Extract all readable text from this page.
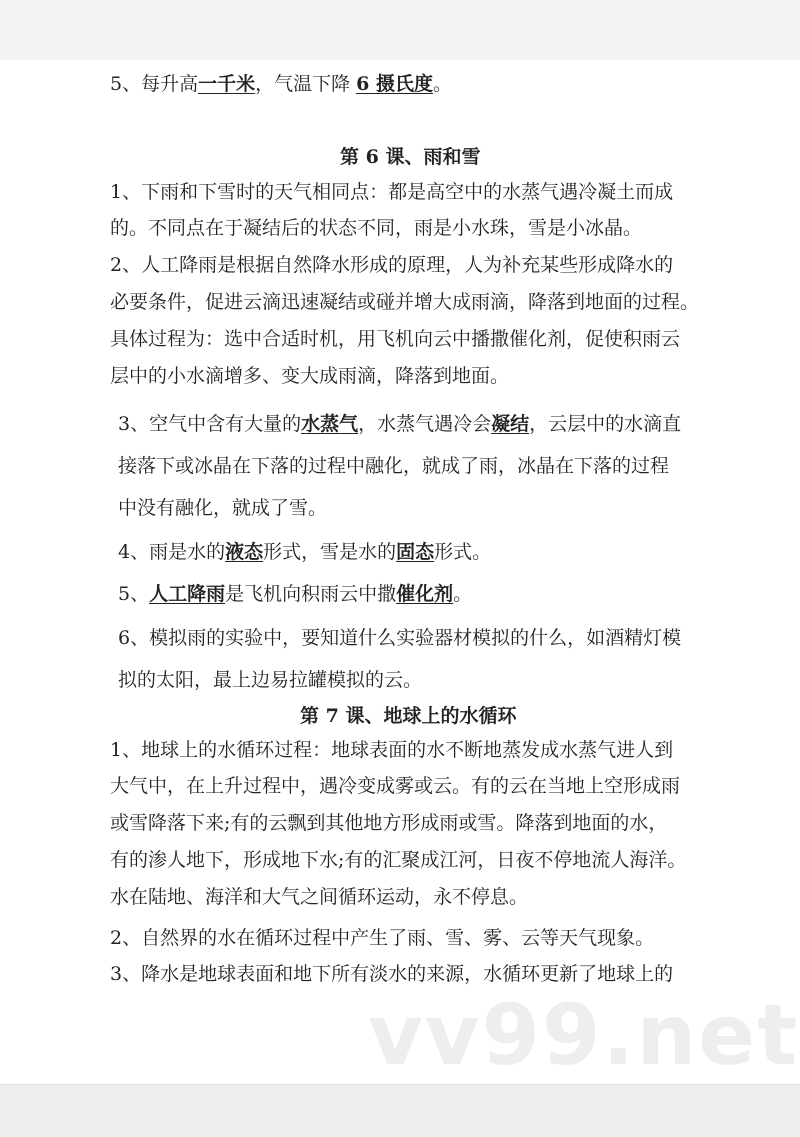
5、每升高一千米，气温下降 6 摄氏度。

第 6 课、雨和雪

1、下雨和下雪时的天气相同点：都是高空中的水蒸气遇冷凝土而成

的。不同点在于凝结后的状态不同，雨是小水珠，雪是小冰晶。

2、人工降雨是根据自然降水形成的原理，人为补充某些形成降水的

必要条件，促进云滴迅速凝结或碰并增大成雨滴，降落到地面的过程。

具体过程为：选中合适时机，用飞机向云中播撒催化剂，促使积雨云

层中的小水滴增多、变大成雨滴，降落到地面。

3、空气中含有大量的水蒸气，水蒸气遇冷会凝结，云层中的水滴直

接落下或冰晶在下落的过程中融化，就成了雨，冰晶在下落的过程

中没有融化，就成了雪。

4、雨是水的液态形式，雪是水的固态形式。

5、人工降雨是飞机向积雨云中撒催化剂。

6、模拟雨的实验中，要知道什么实验器材模拟的什么，如酒精灯模

拟的太阳，最上边易拉罐模拟的云。

第 7 课、地球上的水循环

1、地球上的水循环过程：地球表面的水不断地蒸发成水蒸气进人到

大气中，在上升过程中，遇冷变成雾或云。有的云在当地上空形成雨

或雪降落下来;有的云飘到其他地方形成雨或雪。降落到地面的水，

有的渗人地下，形成地下水;有的汇聚成江河，日夜不停地流人海洋。

水在陆地、海洋和大气之间循环运动，永不停息。

2、自然界的水在循环过程中产生了雨、雪、雾、云等天气现象。

3、降水是地球表面和地下所有淡水的来源，水循环更新了地球上的

vv99.net
